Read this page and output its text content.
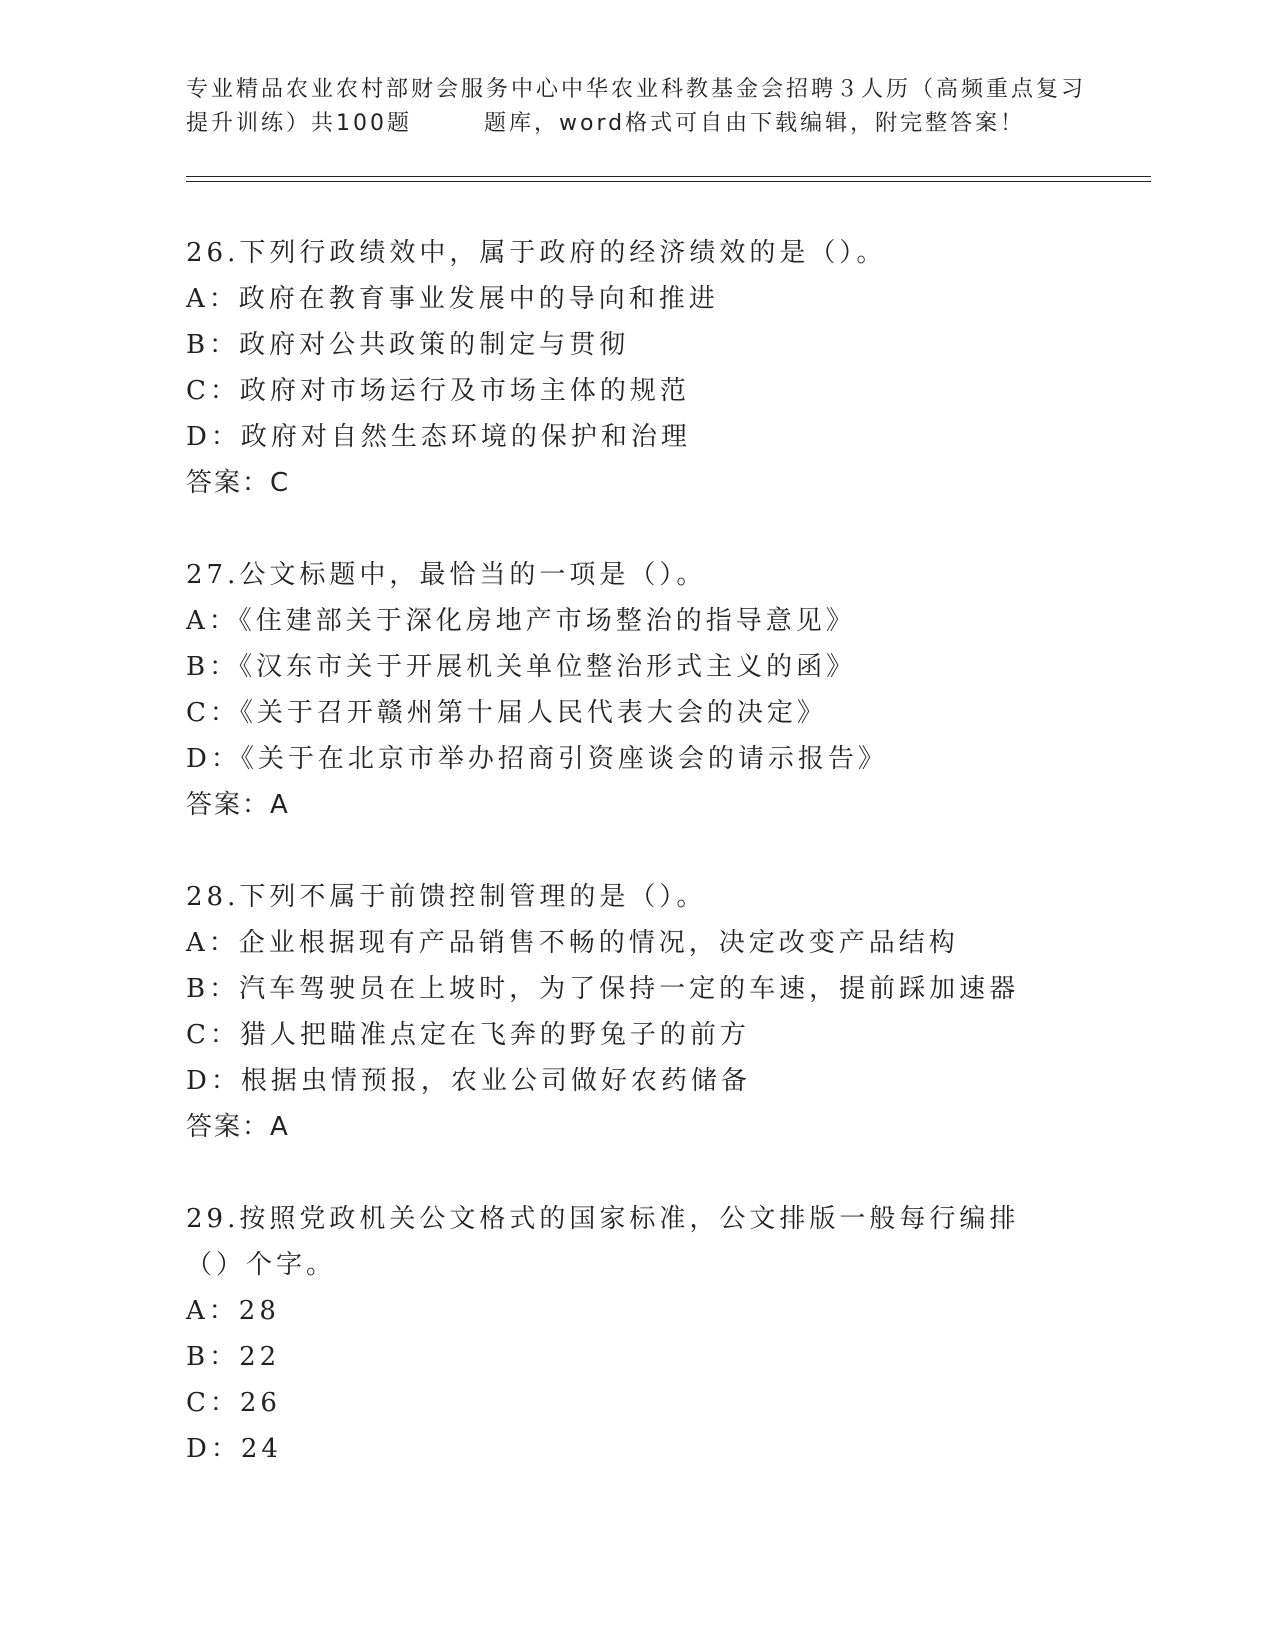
专业精品农业农村部财会服务中心中华农业科教基金会招聘３人历（高频重点复习
提升训练）共100题	题库，word格式可自由下载编辑，附完整答案！
26.下列行政绩效中，属于政府的经济绩效的是（）。
A：政府在教育事业发展中的导向和推进
B：政府对公共政策的制定与贯彻
C：政府对市场运行及市场主体的规范
D：政府对自然生态环境的保护和治理
答案：C
27.公文标题中，最恰当的一项是（）。
A：《住建部关于深化房地产市场整治的指导意见》
B：《汉东市关于开展机关单位整治形式主义的函》
C：《关于召开赣州第十届人民代表大会的决定》
D：《关于在北京市举办招商引资座谈会的请示报告》
答案：A
28.下列不属于前馈控制管理的是（）。
A：企业根据现有产品销售不畅的情况，决定改变产品结构
B：汽车驾驶员在上坡时，为了保持一定的车速，提前踩加速器
C：猎人把瞄准点定在飞奔的野兔子的前方
D：根据虫情预报，农业公司做好农药储备
答案：A
29.按照党政机关公文格式的国家标准，公文排版一般每行编排（）个字。
A：28
B：22
C：26
D：24
